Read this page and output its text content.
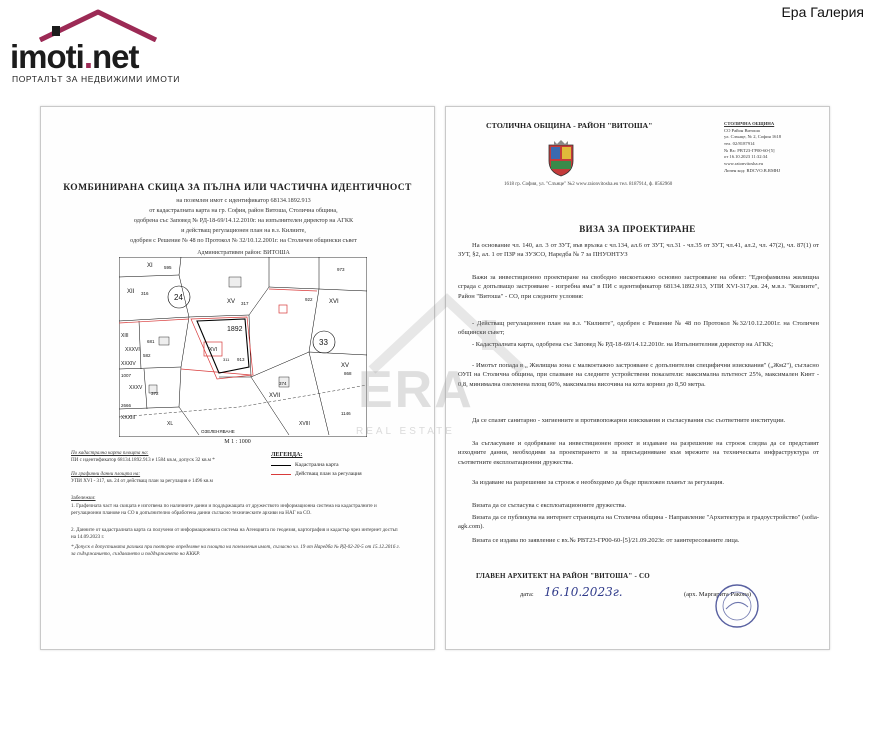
imoti.net
ПОРТАЛЪТ ЗА НЕДВИЖИМИ ИМОТИ
Ера Галерия
КОМБИНИРАНА СКИЦА ЗА ПЪЛНА ИЛИ ЧАСТИЧНА ИДЕНТИЧНОСТ
на поземлен имот с идентификатор 68134.1892.913
от кадастралната карта на гр. София, район Витоша, Столична община,
одобрена със Заповед № РД-18-69/14.12.2010г. на изпълнителен директор на АГКК
и действащ регулационен план на в.з. Килиите,
одобрен с Решение № 48 по Протокол № 32/10.12.2001г. на Столичен общински съвет
Административен район: ВИТОША
XI	595
24
XII 316
XV 317
973
922	XVI
1892
XVI
311 913
33
XIII
XXXVI
681
582
XXXIV
1007
XXXV
372
XV
868
XVII
374
XXXIII
XL	XVIII
1146
2666
ОЗЕЛЕНЯВАНЕ
М 1 : 1000
ЛЕГЕНДА:
Кадастрална карта
Действащ план за регулация
По кадастрална карта площта на:
ПИ с идентификатор 68134.1892.913 е 1584 кв.м, допуск 32 кв.м *
По графични данни площта на:
УПИ XVI - 317, кв. 24 от действащ план за регулация е 1496 кв.м
Забележки:
1. Графичната част на скицата е изготвена по наличните данни и поддържащата от дружеството информационна система на кадастралните и регулационни планове на СО в допълнително обработена данни съгласно техническите архиви на НАГ на СО.
2. Данните от кадастралната карта са получени от информационната система на Агенцията по геодезия, картография и кадастър чрез интернет достъп на 14.09.2023 г.
* Допуск в допустимата разлика при повторно определяне на площта на поземления имот, съгласно чл. 19 от Наредба № РД-02-20-5 от 15.12.2016 г. за съдържанието, създаването и поддържането на КККР.
СТОЛИЧНА ОБЩИНА - РАЙОН "ВИТОША"
1618 гр. София, ул. "Слънце" №2 www.raionvitosha.eu тел. 8187914, ф. 8562960
СТОЛИЧНА ОБЩИНА
СО Район Витоша
ул. Слънце, № 2, София 1618
тел. 02/8187914
№ Вх: РВТ23-ГР00-60-[5]
от 16.10.2023 11:32:34
www.raionvitosha.eu
Личен код: RDCVO.B.RMHJ
ВИЗА ЗА ПРОЕКТИРАНЕ
На основание чл. 140, ал. 3 от ЗУТ, във връзка с чл.134, ал.6 от ЗУТ, чл.31 - чл.35 от ЗУТ, чл.41, ал.2, чл. 47(2), чл. 87(1) от ЗУТ, §2, ал. 1 от ПЗР на ЗУЗСО, Наредба № 7 за ПНУОНТУЗ
Важи за инвестиционно проектиране на свободно нискоетажно основно застрояване на обект: "Еднофамилна жилищна сграда с допълващо застрояване - изгребна яма" в ПИ с идентификатор 68134.1892.913, УПИ XVI-317,кв. 24, м.в.з. "Килиите", Район "Витоша" - СО, при следните условия:
- Действащ регулационен план на в.з. "Килиите", одобрен с Решение № 48 по Протокол №32/10.12.2001г. на Столичен общински съвет;
- Кадастралната карта, одобрена със Заповед № РД-18-69/14.12.2010г. на Изпълнителния директор на АГКК;
- Имотът попада в „ Жилищна зона с малкоетажно застрояване с допълнителни специфични изисквания" („Жм2"), съгласно ОУП на Столична община, при спазване на следните устройствени показатели: максимална плътност 25%, максимален Кинт - 0,8, минимална озеленена площ 60%, максимална височина на кота корниз до 8,50 метра.
Да се спазят санитарно - хигиенните и противопожарни изисквания и съгласувания със съответните институции.
За съгласуване и одобряване на инвестиционен проект и издаване на разрешение на строеж следва да се представят изходните данни, необходими за проектирането и за присъединяване към мрежите на техническата инфраструктура от съответните експлоатационни дружества.
За издаване на разрешение за строеж е необходимо да бъде приложен планът за регулация.
Визата да се съгласува с експлоатационните дружества.
Визата да се публикува на интернет страницата на Столична община - Направление "Архитектура и градоустройство" (sofia-agk.com).
Визата се издава по заявление с вх.№ РВТ23-ГР00-60-[5]/21.09.2023г. от заинтересованите лица.
ГЛАВЕН АРХИТЕКТ НА РАЙОН "ВИТОША" - СО
дата: 16.10.2023г.	(арх. Маргарита Ракова)
ERA
REAL ESTATE
